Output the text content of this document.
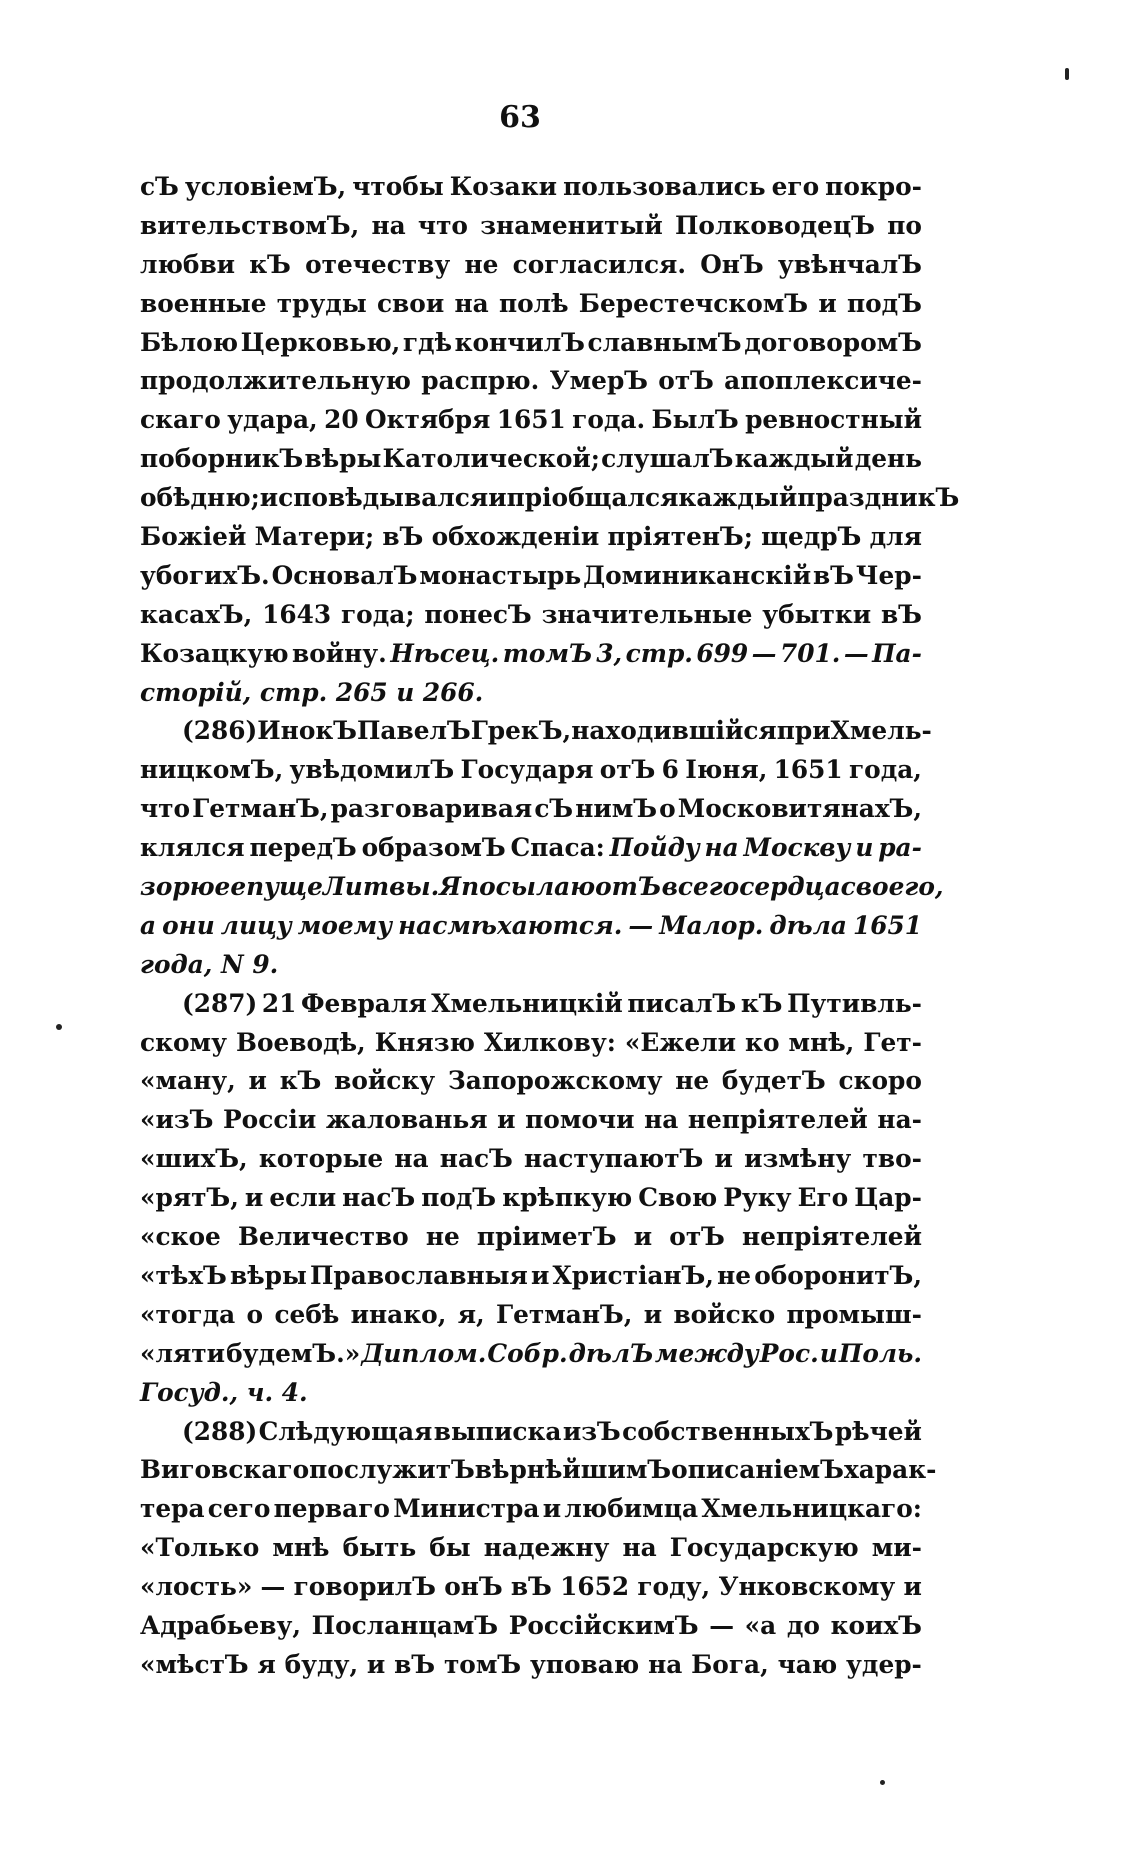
63
сЪ условіемЪ, чтобы Козаки пользовались его покро-
вительствомЪ, на что знаменитый ПолководецЪ по
любви кЪ отечеству не согласился. ОнЪ увѣнчалЪ
военные труды свои на полѣ БерестечскомЪ и подЪ
Бѣлою Церковью, гдѣ кончилЪ славнымЪ договоромЪ
продолжительную распрю. УмерЪ отЪ апоплексиче-
скаго удара, 20 Октября 1651 года. БылЪ ревностный
поборникЪ вѣры Католической; слушалЪ каждый день
обѣдню; исповѣдывался и пріобщался каждый праздникЪ
Божіей Матери; вЪ обхожденіи пріятенЪ; щедрЪ для
убогихЪ. ОсновалЪ монастырь Доминиканскій вЪ Чер-
касахЪ, 1643 года; понесЪ значительные убытки вЪ
Козацкую войну. Нѣсец. томЪ 3, стр. 699 — 701. — Па-
сторій, стр. 265 и 266.
(286) ИнокЪ ПавелЪ ГрекЪ, находившійся при Хмель-
ницкомЪ, увѣдомилЪ Государя отЪ 6 Іюня, 1651 года,
что ГетманЪ, разговаривая сЪ нимЪ о МосковитянахЪ,
клялся передЪ образомЪ Спаса: Пойду на Москву и ра-
зорю ее пуще Литвы. Я посылаю отЪ всего сердца своего,
а они лицу моему насмѣхаются. — Малор. дѣла 1651
года, N 9.
(287) 21 Февраля Хмельницкій писалЪ кЪ Путивль-
скому Воеводѣ, Князю Хилкову: «Ежели ко мнѣ, Гет-
«ману, и кЪ войску Запорожскому не будетЪ скоро
«изЪ Россіи жалованья и помочи на непріятелей на-
«шихЪ, которые на насЪ наступаютЪ и измѣну тво-
«рятЪ, и если насЪ подЪ крѣпкую Свою Руку Его Цар-
«ское Величество не пріиметЪ и отЪ непріятелей
«тѣхЪ вѣры Православныя и ХристіанЪ, не оборонитЪ,
«тогда о себѣ инако, я, ГетманЪ, и войско промыш-
«ляти будемЪ.» Диплом. Собр. дѣлЪ между Рос. и Поль.
Госуд., ч. 4.
(288) Слѣдующая выписка изЪ собственныхЪ рѣчей
Виговскаго послужитЪ вѣрнѣйшимЪ описаніемЪ харак-
тера сего перваго Министра и любимца Хмельницкаго:
«Только мнѣ быть бы надежну на Государскую ми-
«лость» — говорилЪ онЪ вЪ 1652 году, Унковскому и
Адрабьеву, ПосланцамЪ РоссійскимЪ — «а до коихЪ
«мѣстЪ я буду, и вЪ томЪ уповаю на Бога, чаю удер-
